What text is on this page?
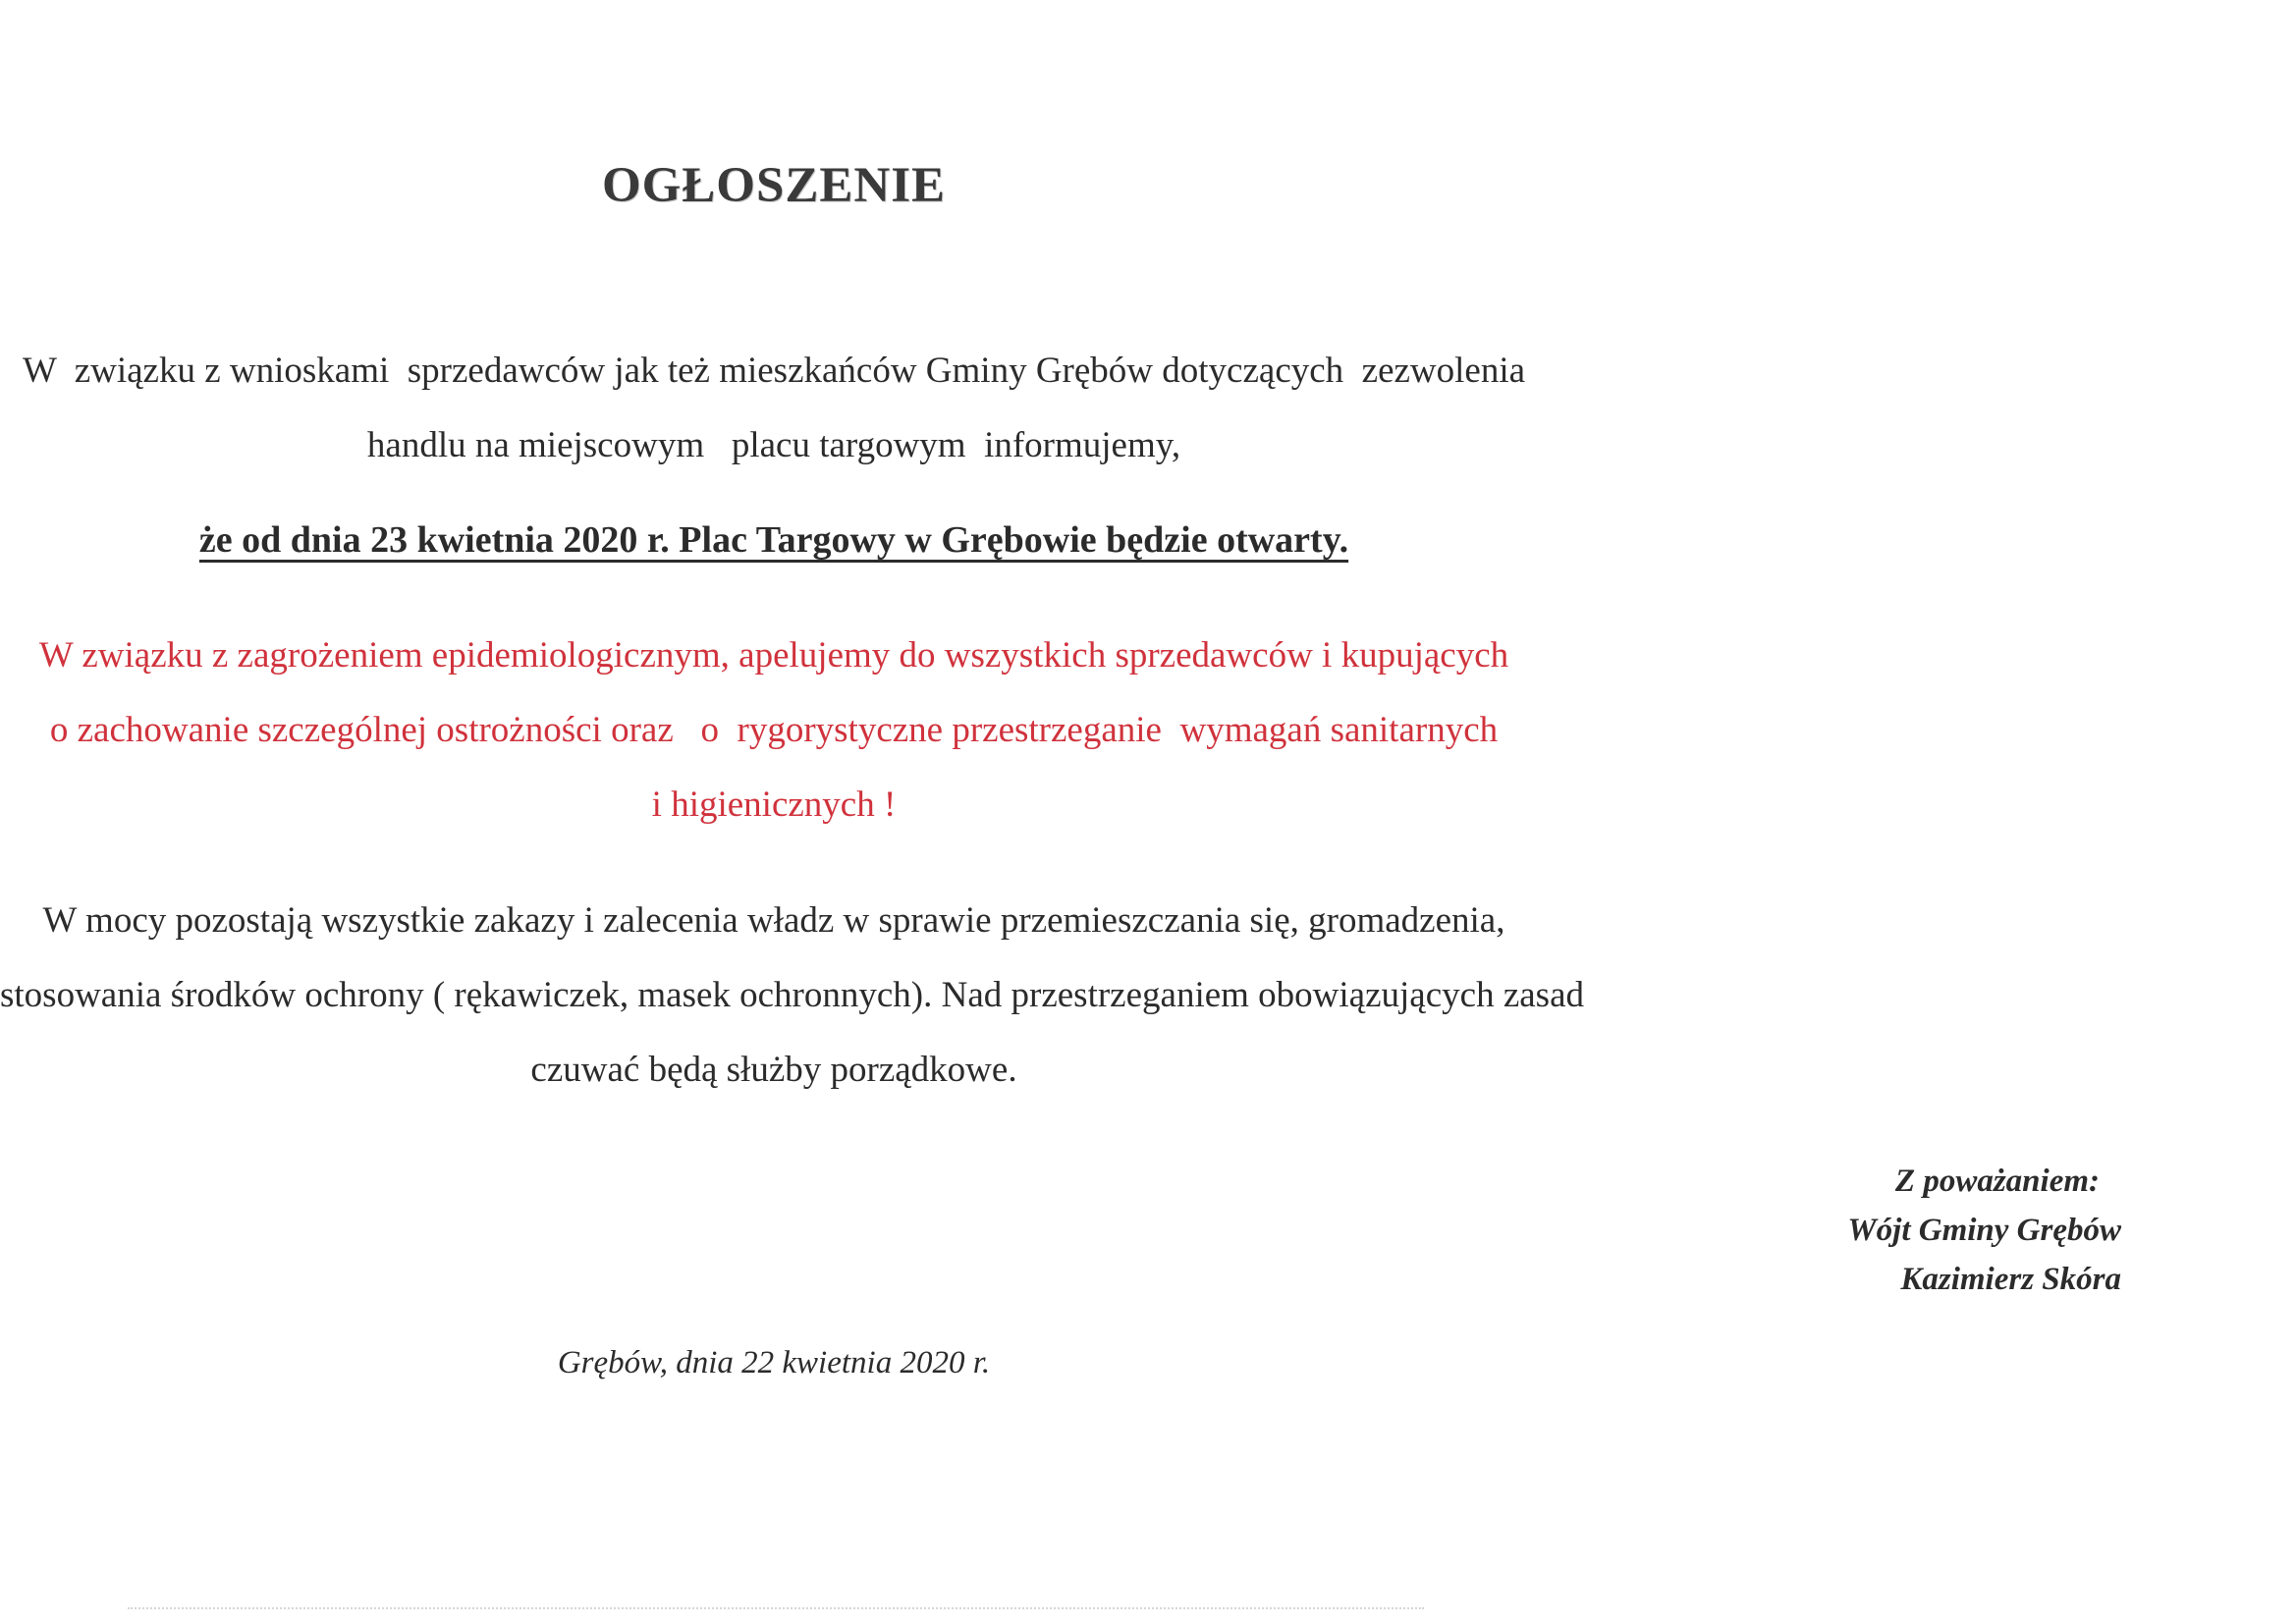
OGŁOSZENIE
W  związku z wnioskami  sprzedawców jak też mieszkańców Gminy Grębów dotyczących  zezwolenia
handlu na miejscowym   placu targowym  informujemy,
że od dnia 23 kwietnia 2020 r. Plac Targowy w Grębowie będzie otwarty.
W związku z zagrożeniem epidemiologicznym, apelujemy do wszystkich sprzedawców i kupujących
o zachowanie szczególnej ostrożności oraz   o  rygorystyczne przestrzeganie  wymagań sanitarnych
i higienicznych !
W mocy pozostają wszystkie zakazy i zalecenia władz w sprawie przemieszczania się, gromadzenia,
stosowania środków ochrony ( rękawiczek, masek ochronnych). Nad przestrzeganiem obowiązujących zasad
czuwać będą służby porządkowe.
Z poważaniem:
Wójt Gminy Grębów
Kazimierz Skóra
Grębów, dnia 22 kwietnia 2020 r.
